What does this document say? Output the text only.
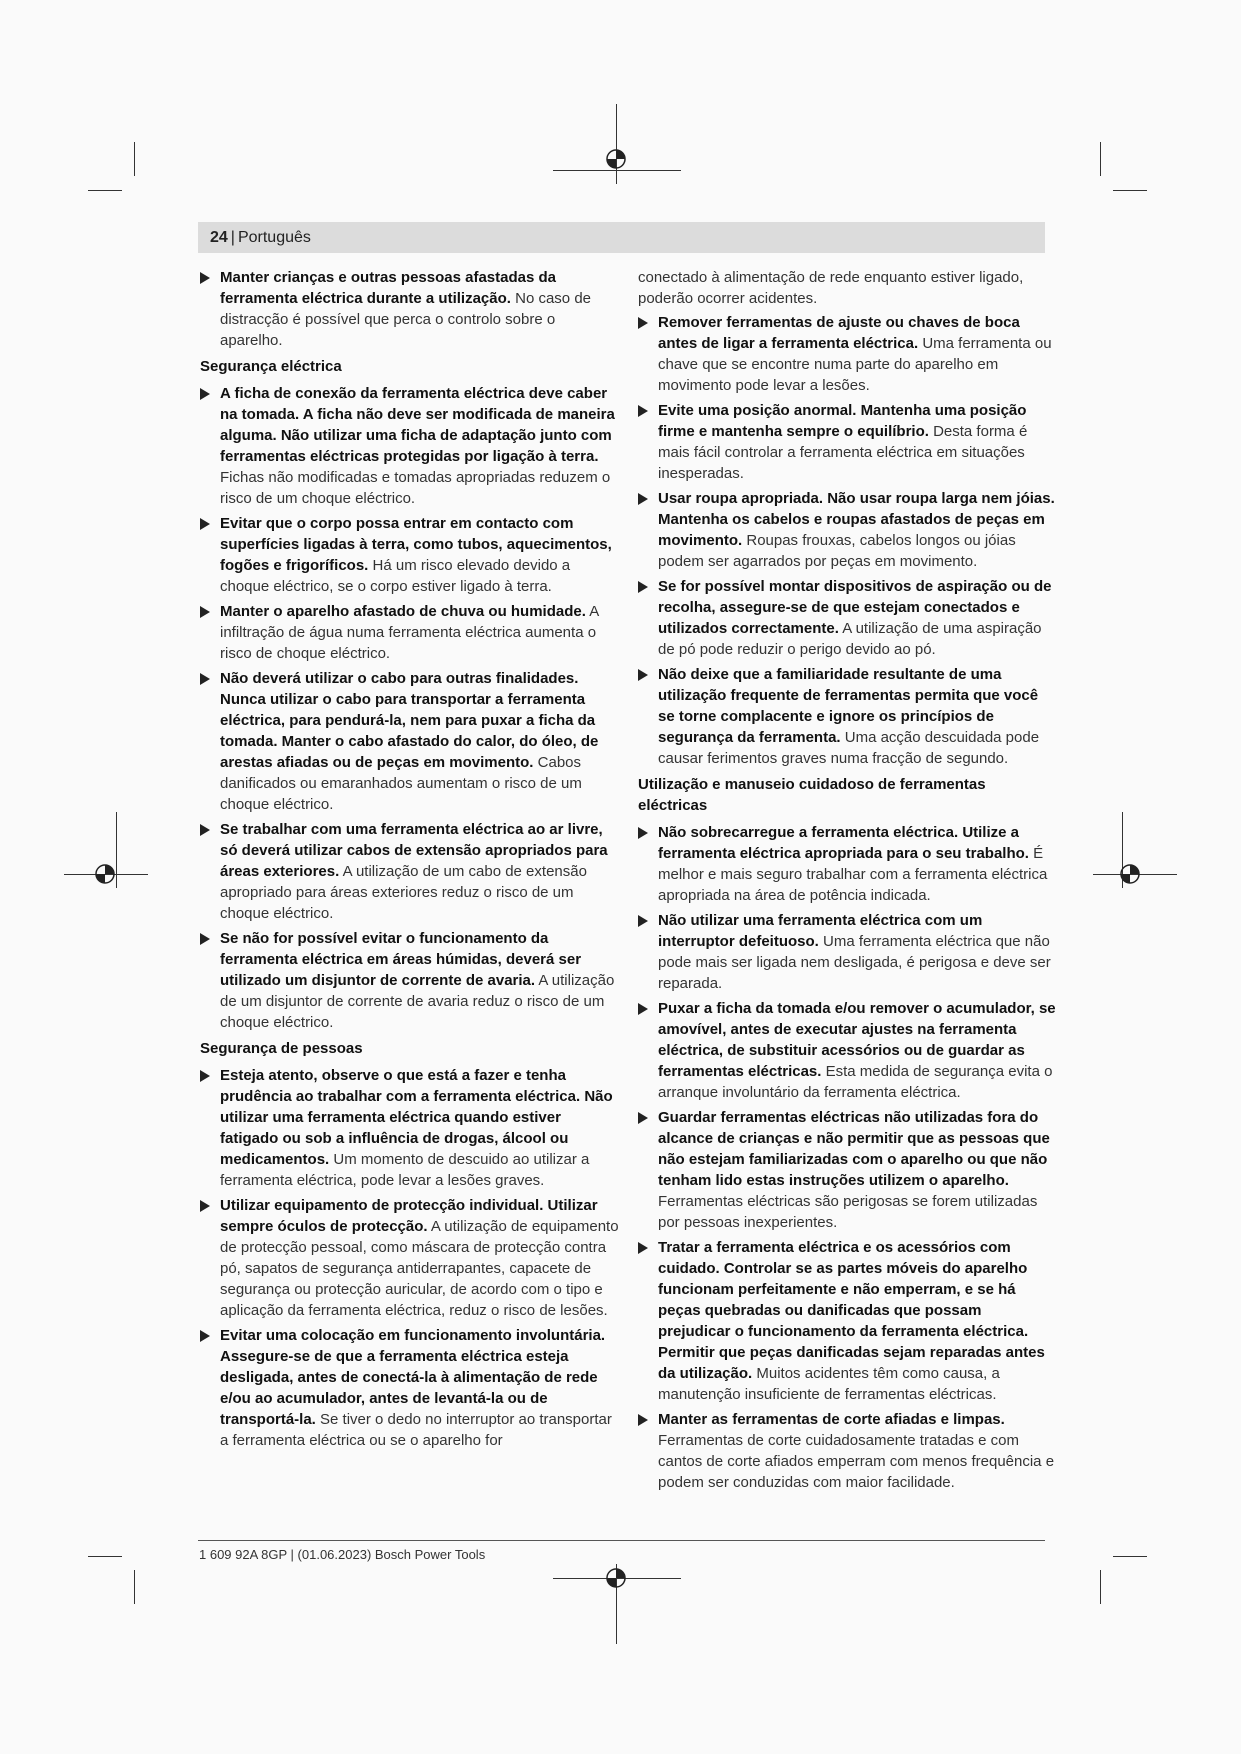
24 | Português
Manter crianças e outras pessoas afastadas da ferramenta eléctrica durante a utilização. No caso de distracção é possível que perca o controlo sobre o aparelho.
Segurança eléctrica
A ficha de conexão da ferramenta eléctrica deve caber na tomada. A ficha não deve ser modificada de maneira alguma. Não utilizar uma ficha de adaptação junto com ferramentas eléctricas protegidas por ligação à terra. Fichas não modificadas e tomadas apropriadas reduzem o risco de um choque eléctrico.
Evitar que o corpo possa entrar em contacto com superfícies ligadas à terra, como tubos, aquecimentos, fogões e frigoríficos. Há um risco elevado devido a choque eléctrico, se o corpo estiver ligado à terra.
Manter o aparelho afastado de chuva ou humidade. A infiltração de água numa ferramenta eléctrica aumenta o risco de choque eléctrico.
Não deverá utilizar o cabo para outras finalidades. Nunca utilizar o cabo para transportar a ferramenta eléctrica, para pendurá-la, nem para puxar a ficha da tomada. Manter o cabo afastado do calor, do óleo, de arestas afiadas ou de peças em movimento. Cabos danificados ou emaranhados aumentam o risco de um choque eléctrico.
Se trabalhar com uma ferramenta eléctrica ao ar livre, só deverá utilizar cabos de extensão apropriados para áreas exteriores. A utilização de um cabo de extensão apropriado para áreas exteriores reduz o risco de um choque eléctrico.
Se não for possível evitar o funcionamento da ferramenta eléctrica em áreas húmidas, deverá ser utilizado um disjuntor de corrente de avaria. A utilização de um disjuntor de corrente de avaria reduz o risco de um choque eléctrico.
Segurança de pessoas
Esteja atento, observe o que está a fazer e tenha prudência ao trabalhar com a ferramenta eléctrica. Não utilizar uma ferramenta eléctrica quando estiver fatigado ou sob a influência de drogas, álcool ou medicamentos. Um momento de descuido ao utilizar a ferramenta eléctrica, pode levar a lesões graves.
Utilizar equipamento de protecção individual. Utilizar sempre óculos de protecção. A utilização de equipamento de protecção pessoal, como máscara de protecção contra pó, sapatos de segurança antiderrapantes, capacete de segurança ou protecção auricular, de acordo com o tipo e aplicação da ferramenta eléctrica, reduz o risco de lesões.
Evitar uma colocação em funcionamento involuntária. Assegure-se de que a ferramenta eléctrica esteja desligada, antes de conectá-la à alimentação de rede e/ou ao acumulador, antes de levantá-la ou de transportá-la. Se tiver o dedo no interruptor ao transportar a ferramenta eléctrica ou se o aparelho for
conectado à alimentação de rede enquanto estiver ligado, poderão ocorrer acidentes.
Remover ferramentas de ajuste ou chaves de boca antes de ligar a ferramenta eléctrica. Uma ferramenta ou chave que se encontre numa parte do aparelho em movimento pode levar a lesões.
Evite uma posição anormal. Mantenha uma posição firme e mantenha sempre o equilíbrio. Desta forma é mais fácil controlar a ferramenta eléctrica em situações inesperadas.
Usar roupa apropriada. Não usar roupa larga nem jóias. Mantenha os cabelos e roupas afastados de peças em movimento. Roupas frouxas, cabelos longos ou jóias podem ser agarrados por peças em movimento.
Se for possível montar dispositivos de aspiração ou de recolha, assegure-se de que estejam conectados e utilizados correctamente. A utilização de uma aspiração de pó pode reduzir o perigo devido ao pó.
Não deixe que a familiaridade resultante de uma utilização frequente de ferramentas permita que você se torne complacente e ignore os princípios de segurança da ferramenta. Uma acção descuidada pode causar ferimentos graves numa fracção de segundo.
Utilização e manuseio cuidadoso de ferramentas eléctricas
Não sobrecarregue a ferramenta eléctrica. Utilize a ferramenta eléctrica apropriada para o seu trabalho. É melhor e mais seguro trabalhar com a ferramenta eléctrica apropriada na área de potência indicada.
Não utilizar uma ferramenta eléctrica com um interruptor defeituoso. Uma ferramenta eléctrica que não pode mais ser ligada nem desligada, é perigosa e deve ser reparada.
Puxar a ficha da tomada e/ou remover o acumulador, se amovível, antes de executar ajustes na ferramenta eléctrica, de substituir acessórios ou de guardar as ferramentas eléctricas. Esta medida de segurança evita o arranque involuntário da ferramenta eléctrica.
Guardar ferramentas eléctricas não utilizadas fora do alcance de crianças e não permitir que as pessoas que não estejam familiarizadas com o aparelho ou que não tenham lido estas instruções utilizem o aparelho. Ferramentas eléctricas são perigosas se forem utilizadas por pessoas inexperientes.
Tratar a ferramenta eléctrica e os acessórios com cuidado. Controlar se as partes móveis do aparelho funcionam perfeitamente e não emperram, e se há peças quebradas ou danificadas que possam prejudicar o funcionamento da ferramenta eléctrica. Permitir que peças danificadas sejam reparadas antes da utilização. Muitos acidentes têm como causa, a manutenção insuficiente de ferramentas eléctricas.
Manter as ferramentas de corte afiadas e limpas. Ferramentas de corte cuidadosamente tratadas e com cantos de corte afiados emperram com menos frequência e podem ser conduzidas com maior facilidade.
1 609 92A 8GP | (01.06.2023) Bosch Power Tools
